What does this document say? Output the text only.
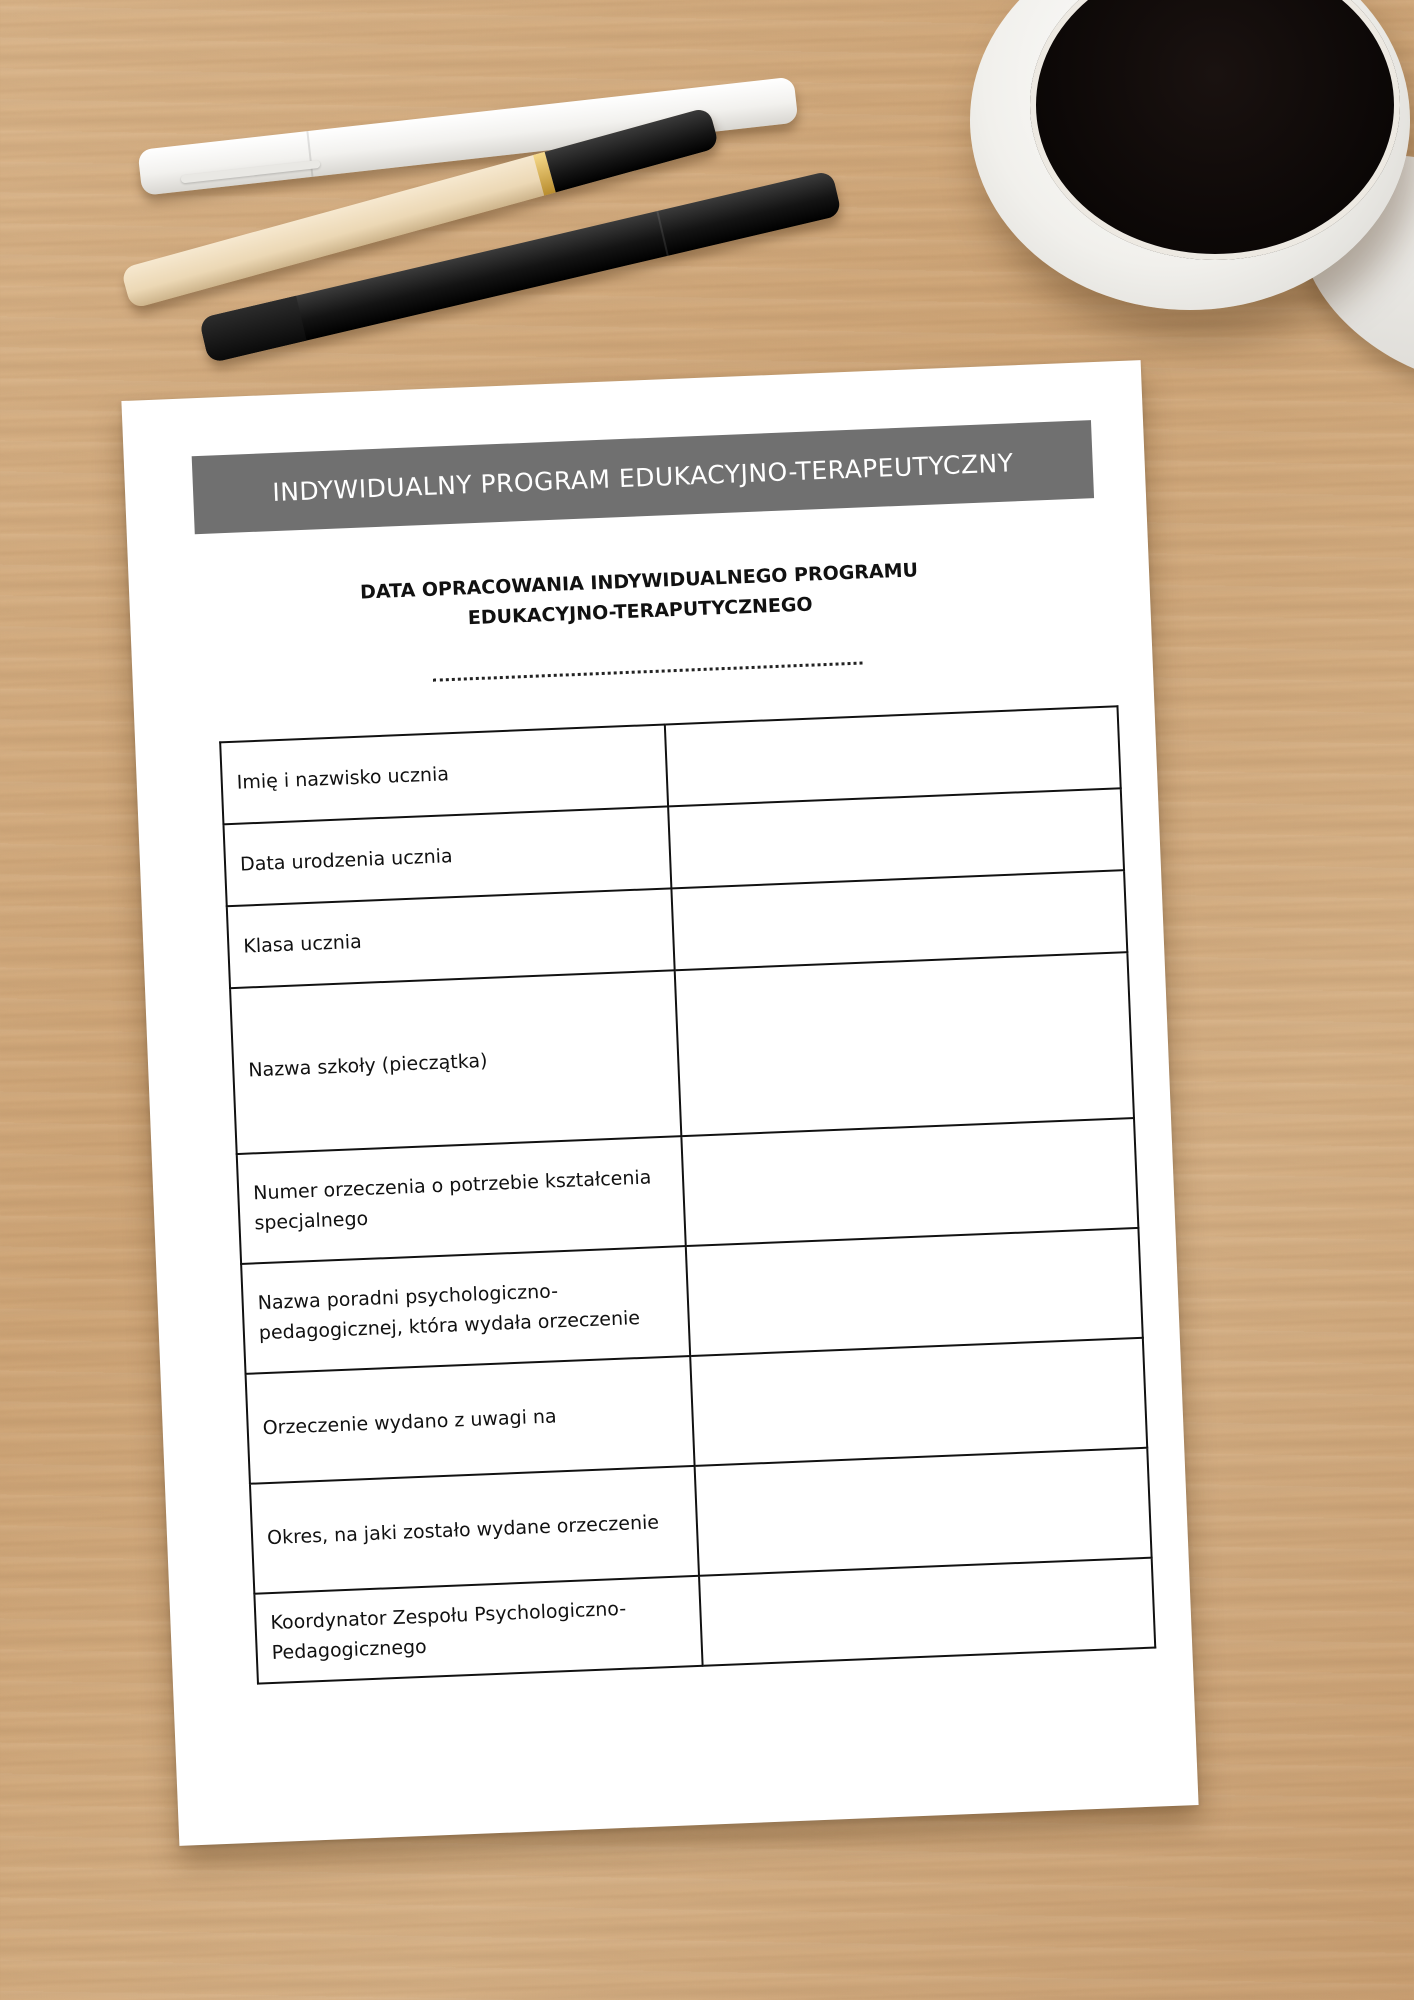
INDYWIDUALNY PROGRAM EDUKACYJNO-TERAPEUTYCZNY
DATA OPRACOWANIA INDYWIDUALNEGO PROGRAMU
EDUKACYJNO-TERAPUTYCZNEGO
Imię i nazwisko ucznia	
Data urodzenia ucznia	
Klasa ucznia	
Nazwa szkoły (pieczątka)	
Numer orzeczenia o potrzebie kształcenia specjalnego	
Nazwa poradni psychologiczno-pedagogicznej, która wydała orzeczenie	
Orzeczenie wydano z uwagi na	
Okres, na jaki zostało wydane orzeczenie	
Koordynator Zespołu Psychologiczno-Pedagogicznego	
